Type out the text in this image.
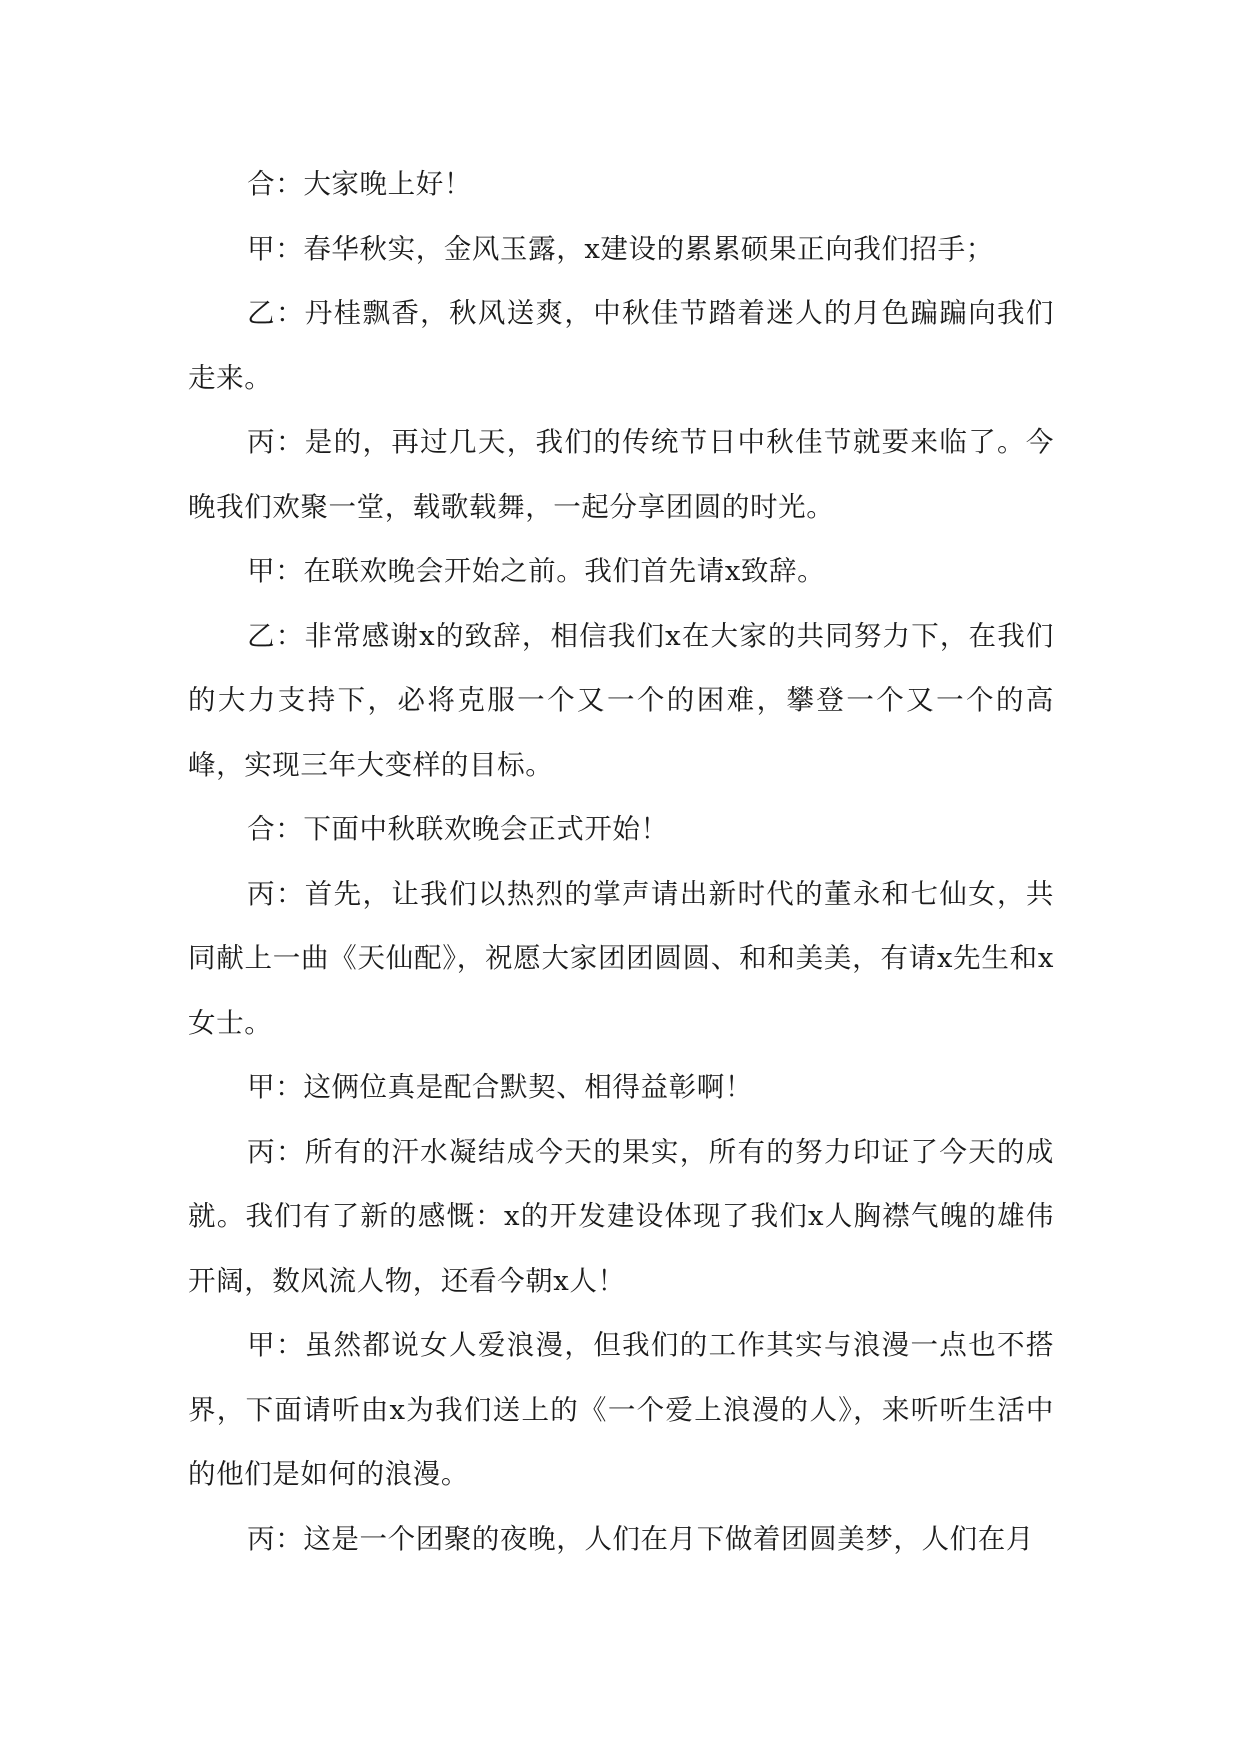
合：大家晚上好！

甲：春华秋实，金风玉露，x建设的累累硕果正向我们招手；

乙：丹桂飘香，秋风送爽，中秋佳节踏着迷人的月色蹁蹁向我们走来。

丙：是的，再过几天，我们的传统节日中秋佳节就要来临了。今晚我们欢聚一堂，载歌载舞，一起分享团圆的时光。

甲：在联欢晚会开始之前。我们首先请x致辞。

乙：非常感谢x的致辞，相信我们x在大家的共同努力下，在我们的大力支持下，必将克服一个又一个的困难，攀登一个又一个的高峰，实现三年大变样的目标。

合：下面中秋联欢晚会正式开始！

丙：首先，让我们以热烈的掌声请出新时代的董永和七仙女，共同献上一曲《天仙配》，祝愿大家团团圆圆、和和美美，有请x先生和x女士。

甲：这俩位真是配合默契、相得益彰啊！

丙：所有的汗水凝结成今天的果实，所有的努力印证了今天的成就。我们有了新的感慨：x的开发建设体现了我们x人胸襟气魄的雄伟开阔，数风流人物，还看今朝x人！

甲：虽然都说女人爱浪漫，但我们的工作其实与浪漫一点也不搭界，下面请听由x为我们送上的《一个爱上浪漫的人》，来听听生活中的他们是如何的浪漫。

丙：这是一个团聚的夜晚，人们在月下做着团圆美梦，人们在月
